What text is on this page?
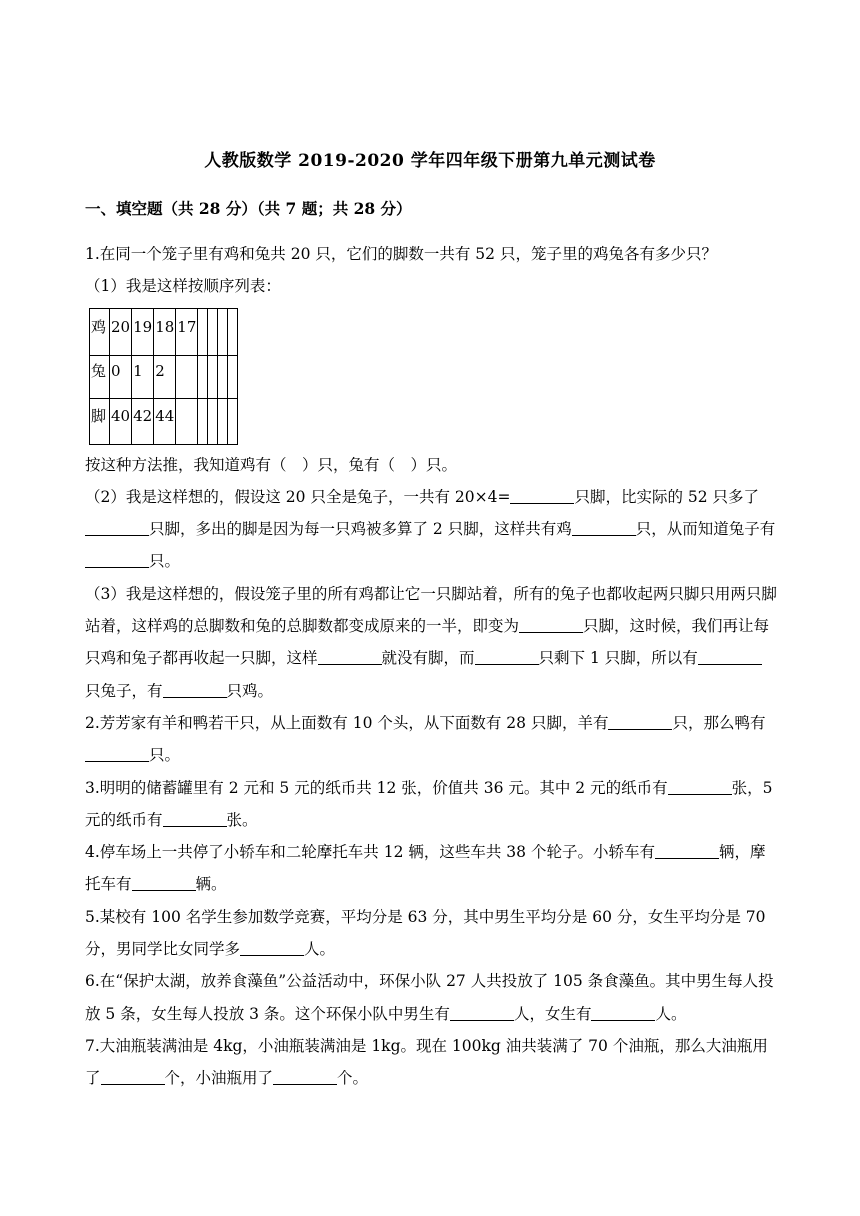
人教版数学 2019-2020 学年四年级下册第九单元测试卷
一、填空题（共 28 分）（共 7 题；共 28 分）

1.在同一个笼子里有鸡和兔共 20 只，它们的脚数一共有 52 只，笼子里的鸡兔各有多少只？

（1）我是这样按顺序列表：

鸡	20	19	18	17				
兔	0	1	2					
脚	40	42	44					

按这种方法推，我知道鸡有（　）只，兔有（　）只。

（2）我是这样想的，假设这 20 只全是兔子，一共有 20×4=	只脚，比实际的 52 只多了只脚，多出的脚是因为每一只鸡被多算了 2 只脚，这样共有鸡	只，从而知道兔子有只。

（3）我是这样想的，假设笼子里的所有鸡都让它一只脚站着，所有的兔子也都收起两只脚只用两只脚站着，这样鸡的总脚数和兔的总脚数都变成原来的一半，即变为	只脚，这时候，我们再让每只鸡和兔子都再收起一只脚，这样	就没有脚，而	只剩下 1 只脚，所以有只兔子，有	只鸡。

2.芳芳家有羊和鸭若干只，从上面数有 10 个头，从下面数有 28 只脚，羊有	只，那么鸭有只。

3.明明的储蓄罐里有 2 元和 5 元的纸币共 12 张，价值共 36 元。其中 2 元的纸币有	张，5 元的纸币有	张。

4.停车场上一共停了小轿车和二轮摩托车共 12 辆，这些车共 38 个轮子。小轿车有	辆，摩托车有	辆。

5.某校有 100 名学生参加数学竞赛，平均分是 63 分，其中男生平均分是 60 分，女生平均分是 70 分，男同学比女同学多	人。

6.在“保护太湖，放养食藻鱼”公益活动中，环保小队 27 人共投放了 105 条食藻鱼。其中男生每人投放 5 条，女生每人投放 3 条。这个环保小队中男生有	人，女生有	人。

7.大油瓶装满油是 4kg，小油瓶装满油是 1kg。现在 100kg 油共装满了 70 个油瓶，那么大油瓶用了	个，小油瓶用了	个。
